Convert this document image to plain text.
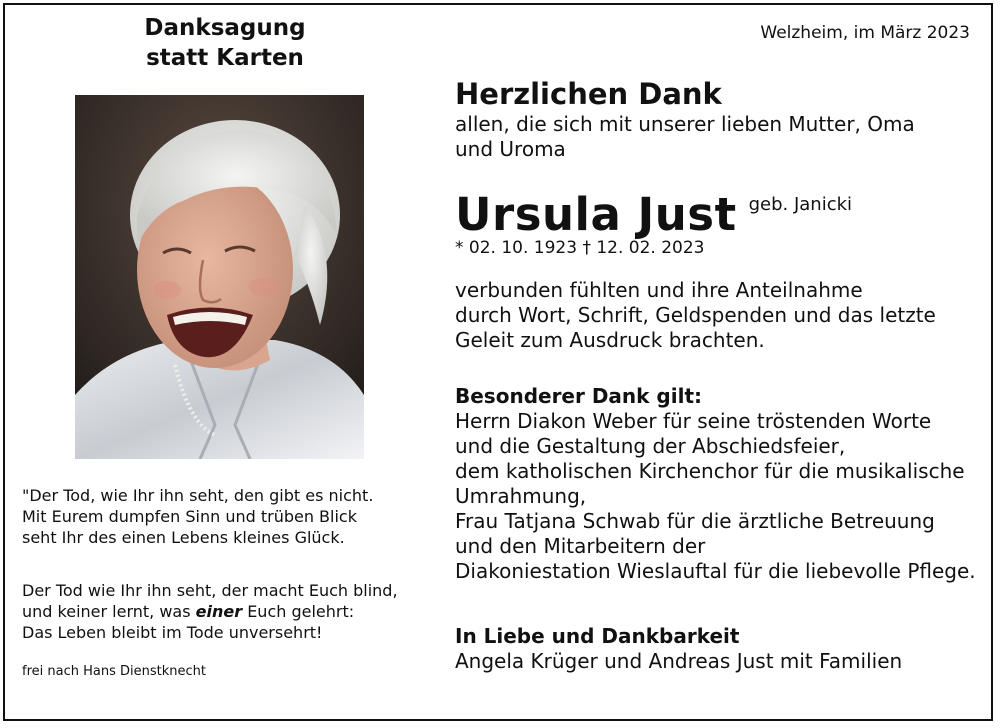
Danksagung
statt Karten
Welzheim, im März 2023
Herzlichen Dank
allen, die sich mit unserer lieben Mutter, Oma
und Uroma
Ursula Just geb. Janicki
* 02. 10. 1923 † 12. 02. 2023
verbunden fühlten und ihre Anteilnahme
durch Wort, Schrift, Geldspenden und das letzte
Geleit zum Ausdruck brachten.
Besonderer Dank gilt:
Herrn Diakon Weber für seine tröstenden Worte
und die Gestaltung der Abschiedsfeier,
dem katholischen Kirchenchor für die musikalische
Umrahmung,
Frau Tatjana Schwab für die ärztliche Betreuung
und den Mitarbeitern der
Diakoniestation Wieslauftal für die liebevolle Pflege.
In Liebe und Dankbarkeit
Angela Krüger und Andreas Just mit Familien
"Der Tod, wie Ihr ihn seht, den gibt es nicht.
Mit Eurem dumpfen Sinn und trüben Blick
seht Ihr des einen Lebens kleines Glück.
Der Tod wie Ihr ihn seht, der macht Euch blind,
und keiner lernt, was einer Euch gelehrt:
Das Leben bleibt im Tode unversehrt!
frei nach Hans Dienstknecht
